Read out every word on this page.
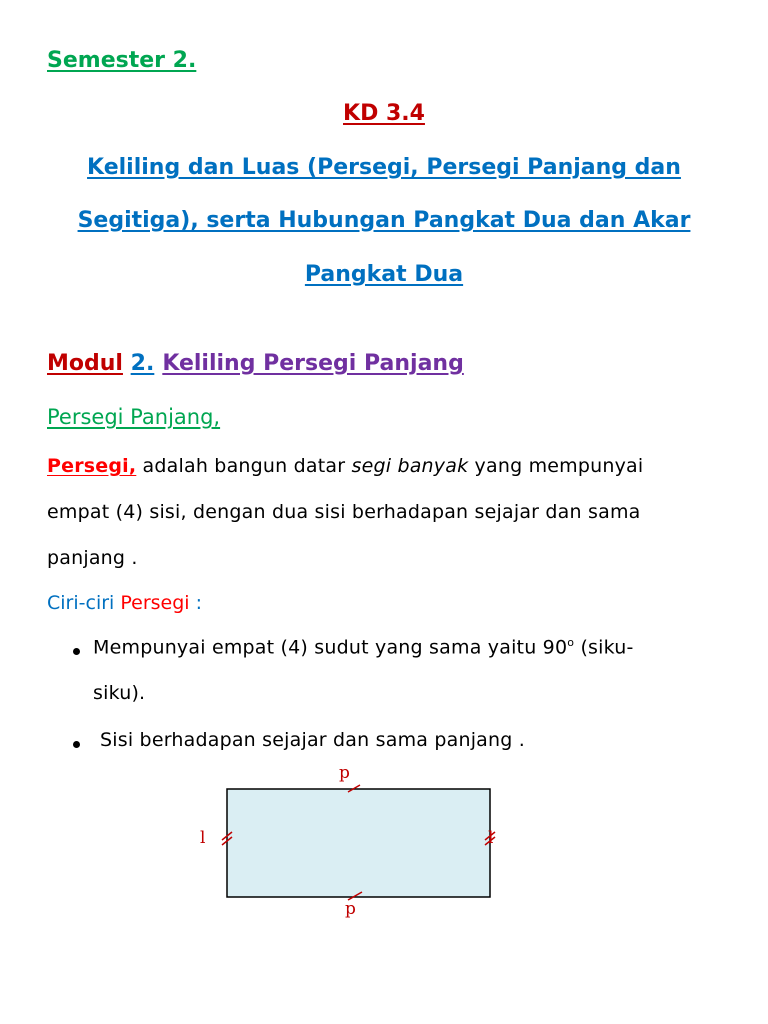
Semester 2.
KD 3.4
Keliling dan Luas (Persegi, Persegi Panjang dan
Segitiga), serta Hubungan Pangkat Dua dan Akar
Pangkat Dua
Modul 2. Keliling Persegi Panjang
Persegi Panjang,
Persegi, adalah bangun datar segi banyak yang mempunyai
empat (4) sisi, dengan dua sisi berhadapan sejajar dan sama
panjang .
Ciri-ciri Persegi :
Mempunyai empat (4) sudut yang sama yaitu 90$^o$ (siku-
siku).
Sisi berhadapan sejajar dan sama panjang .
p
p
l	l
